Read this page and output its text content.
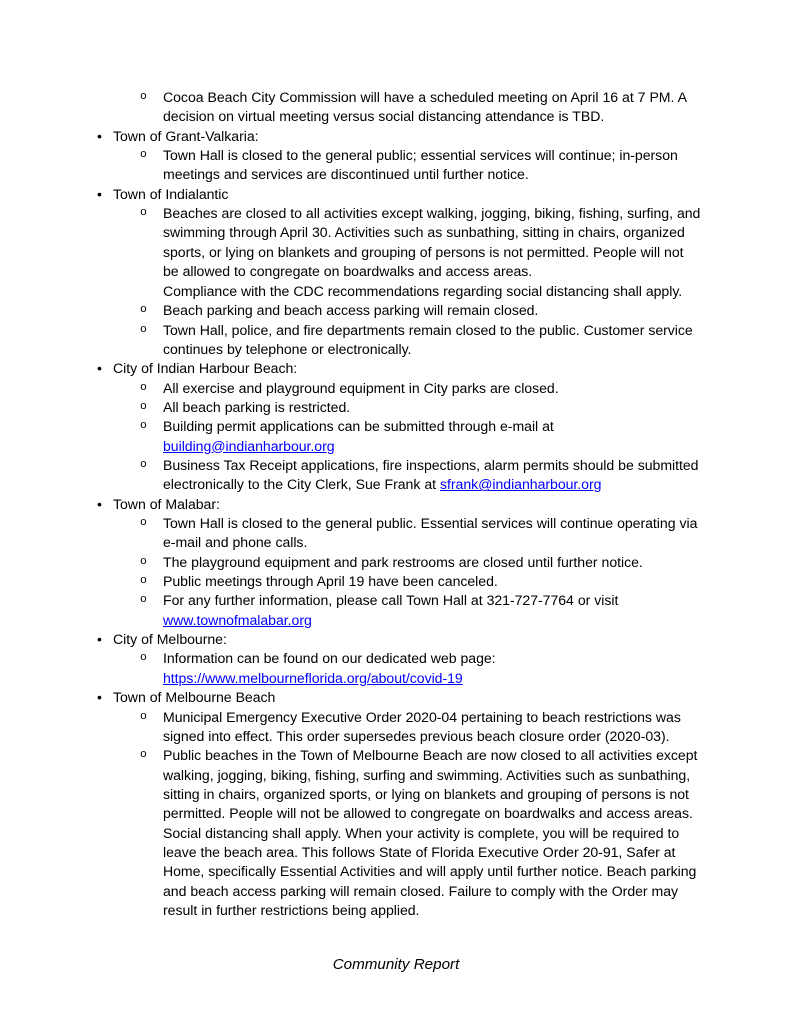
o Cocoa Beach City Commission will have a scheduled meeting on April 16 at 7 PM. A decision on virtual meeting versus social distancing attendance is TBD.
• Town of Grant-Valkaria:
o Town Hall is closed to the general public; essential services will continue; in-person meetings and services are discontinued until further notice.
• Town of Indialantic
o Beaches are closed to all activities except walking, jogging, biking, fishing, surfing, and swimming through April 30. Activities such as sunbathing, sitting in chairs, organized sports, or lying on blankets and grouping of persons is not permitted. People will not be allowed to congregate on boardwalks and access areas.
Compliance with the CDC recommendations regarding social distancing shall apply.
o Beach parking and beach access parking will remain closed.
o Town Hall, police, and fire departments remain closed to the public. Customer service continues by telephone or electronically.
• City of Indian Harbour Beach:
o All exercise and playground equipment in City parks are closed.
o All beach parking is restricted.
o Building permit applications can be submitted through e-mail at building@indianharbour.org
o Business Tax Receipt applications, fire inspections, alarm permits should be submitted electronically to the City Clerk, Sue Frank at sfrank@indianharbour.org
• Town of Malabar:
o Town Hall is closed to the general public. Essential services will continue operating via e-mail and phone calls.
o The playground equipment and park restrooms are closed until further notice.
o Public meetings through April 19 have been canceled.
o For any further information, please call Town Hall at 321-727-7764 or visit www.townofmalabar.org
• City of Melbourne:
o Information can be found on our dedicated web page: https://www.melbourneflorida.org/about/covid-19
• Town of Melbourne Beach
o Municipal Emergency Executive Order 2020-04 pertaining to beach restrictions was signed into effect. This order supersedes previous beach closure order (2020-03).
o Public beaches in the Town of Melbourne Beach are now closed to all activities except walking, jogging, biking, fishing, surfing and swimming. Activities such as sunbathing, sitting in chairs, organized sports, or lying on blankets and grouping of persons is not permitted. People will not be allowed to congregate on boardwalks and access areas. Social distancing shall apply. When your activity is complete, you will be required to leave the beach area. This follows State of Florida Executive Order 20-91, Safer at Home, specifically Essential Activities and will apply until further notice. Beach parking and beach access parking will remain closed. Failure to comply with the Order may result in further restrictions being applied.
Community Report
